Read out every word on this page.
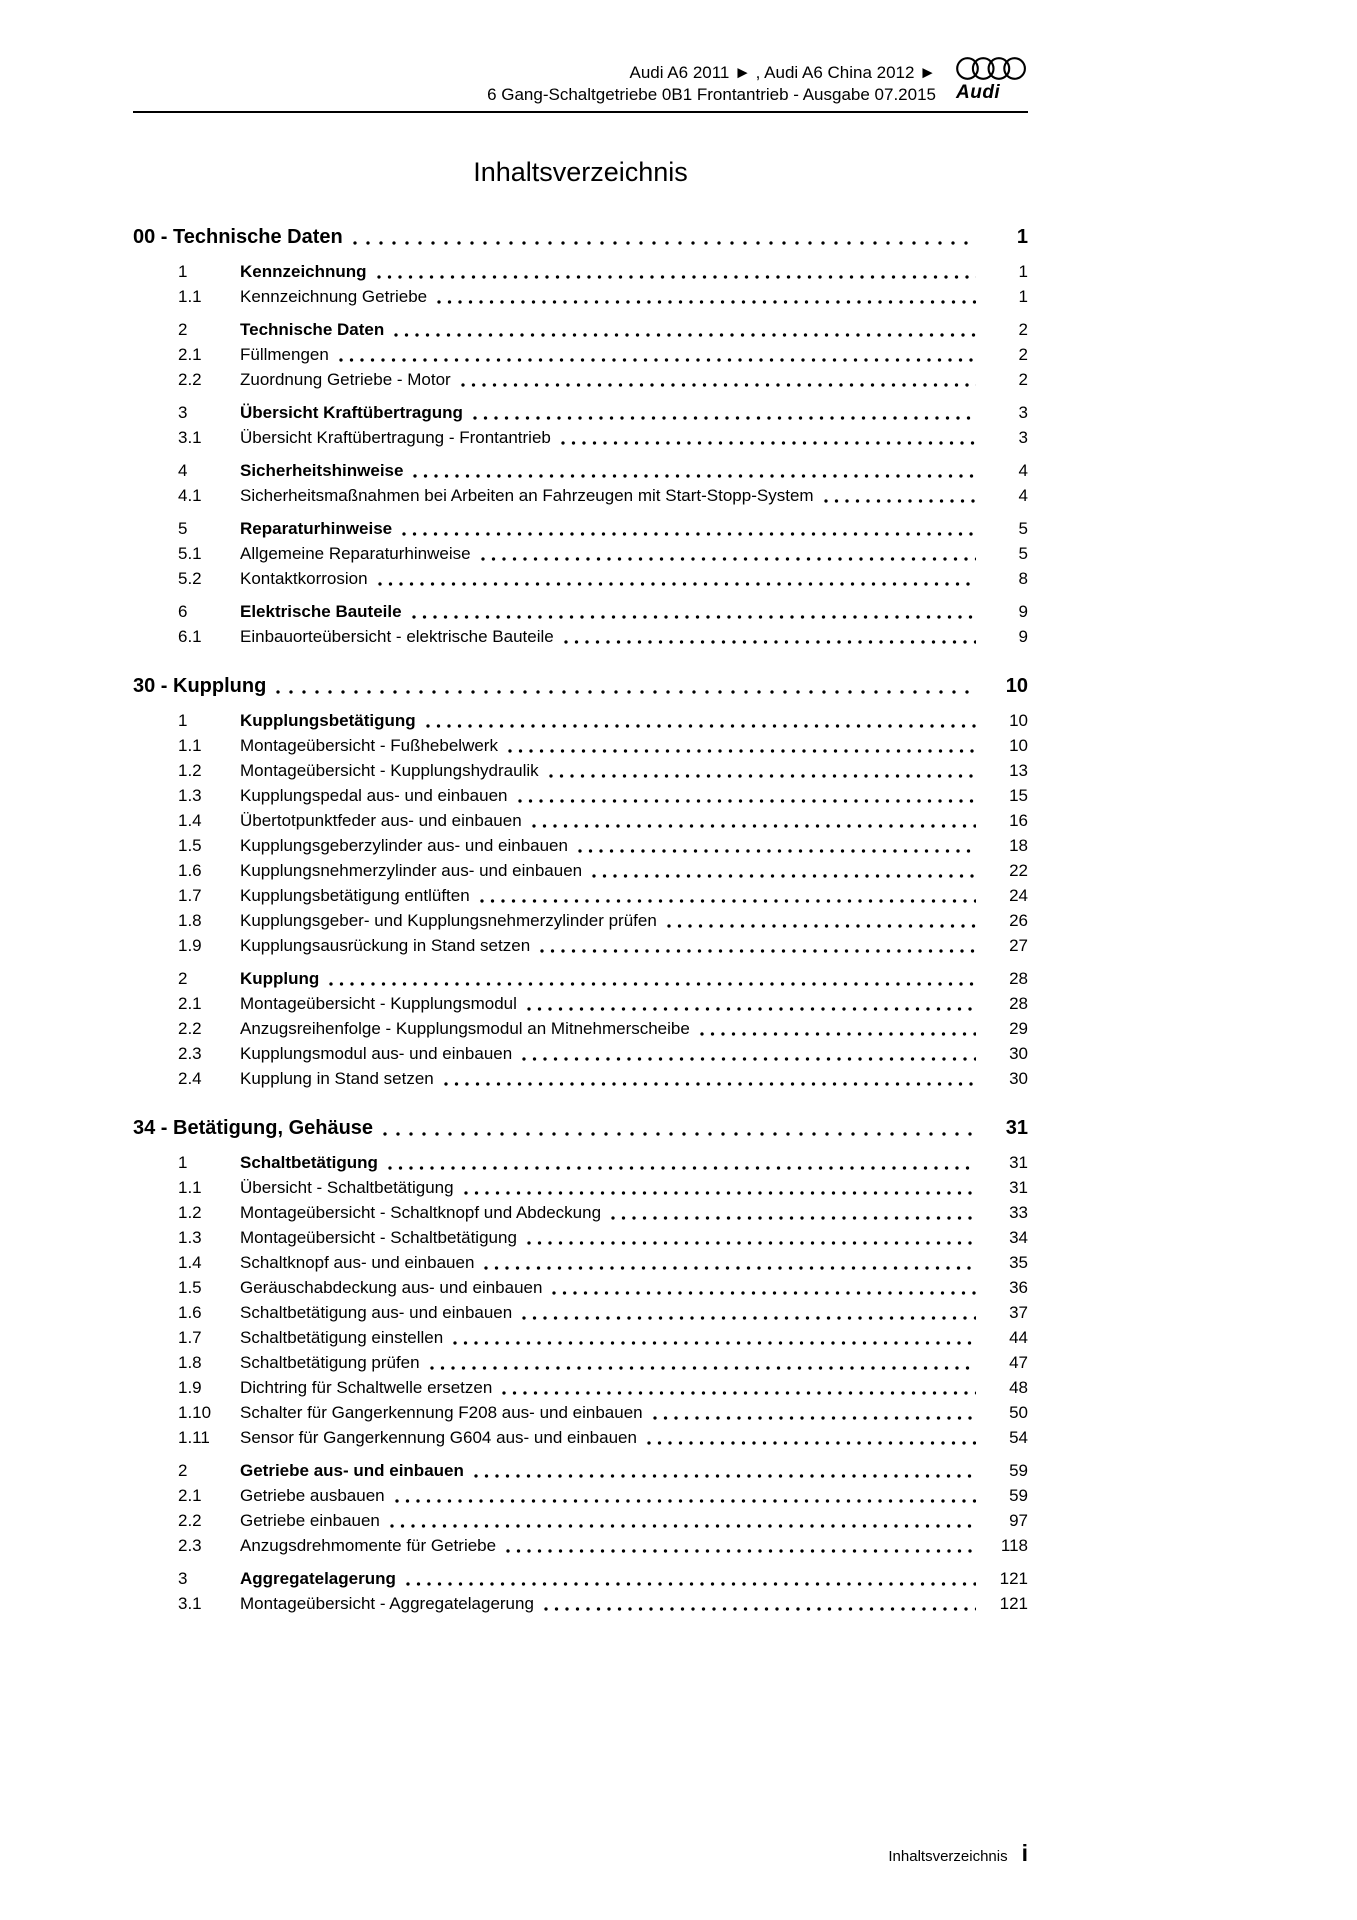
Audi A6 2011 ► , Audi A6 China 2012 ►
6 Gang-Schaltgetriebe 0B1 Frontantrieb - Ausgabe 07.2015 Audi
Inhaltsverzeichnis
00 - Technische Daten	1
1	Kennzeichnung	1
1.1	Kennzeichnung Getriebe	1
2	Technische Daten	2
2.1	Füllmengen	2
2.2	Zuordnung Getriebe - Motor	2
3	Übersicht Kraftübertragung	3
3.1	Übersicht Kraftübertragung - Frontantrieb	3
4	Sicherheitshinweise	4
4.1	Sicherheitsmaßnahmen bei Arbeiten an Fahrzeugen mit Start-Stopp-System	4
5	Reparaturhinweise	5
5.1	Allgemeine Reparaturhinweise	5
5.2	Kontaktkorrosion	8
6	Elektrische Bauteile	9
6.1	Einbauorteübersicht - elektrische Bauteile	9
30 - Kupplung	10
1	Kupplungsbetätigung	10
1.1	Montageübersicht - Fußhebelwerk	10
1.2	Montageübersicht - Kupplungshydraulik	13
1.3	Kupplungspedal aus- und einbauen	15
1.4	Übertotpunktfeder aus- und einbauen	16
1.5	Kupplungsgeberzylinder aus- und einbauen	18
1.6	Kupplungsnehmerzylinder aus- und einbauen	22
1.7	Kupplungsbetätigung entlüften	24
1.8	Kupplungsgeber- und Kupplungsnehmerzylinder prüfen	26
1.9	Kupplungsausrückung in Stand setzen	27
2	Kupplung	28
2.1	Montageübersicht - Kupplungsmodul	28
2.2	Anzugsreihenfolge - Kupplungsmodul an Mitnehmerscheibe	29
2.3	Kupplungsmodul aus- und einbauen	30
2.4	Kupplung in Stand setzen	30
34 - Betätigung, Gehäuse	31
1	Schaltbetätigung	31
1.1	Übersicht - Schaltbetätigung	31
1.2	Montageübersicht - Schaltknopf und Abdeckung	33
1.3	Montageübersicht - Schaltbetätigung	34
1.4	Schaltknopf aus- und einbauen	35
1.5	Geräuschabdeckung aus- und einbauen	36
1.6	Schaltbetätigung aus- und einbauen	37
1.7	Schaltbetätigung einstellen	44
1.8	Schaltbetätigung prüfen	47
1.9	Dichtring für Schaltwelle ersetzen	48
1.10	Schalter für Gangerkennung F208 aus- und einbauen	50
1.11	Sensor für Gangerkennung G604 aus- und einbauen	54
2	Getriebe aus- und einbauen	59
2.1	Getriebe ausbauen	59
2.2	Getriebe einbauen	97
2.3	Anzugsdrehmomente für Getriebe	118
3	Aggregatelagerung	121
3.1	Montageübersicht - Aggregatelagerung	121
Inhaltsverzeichnis i
